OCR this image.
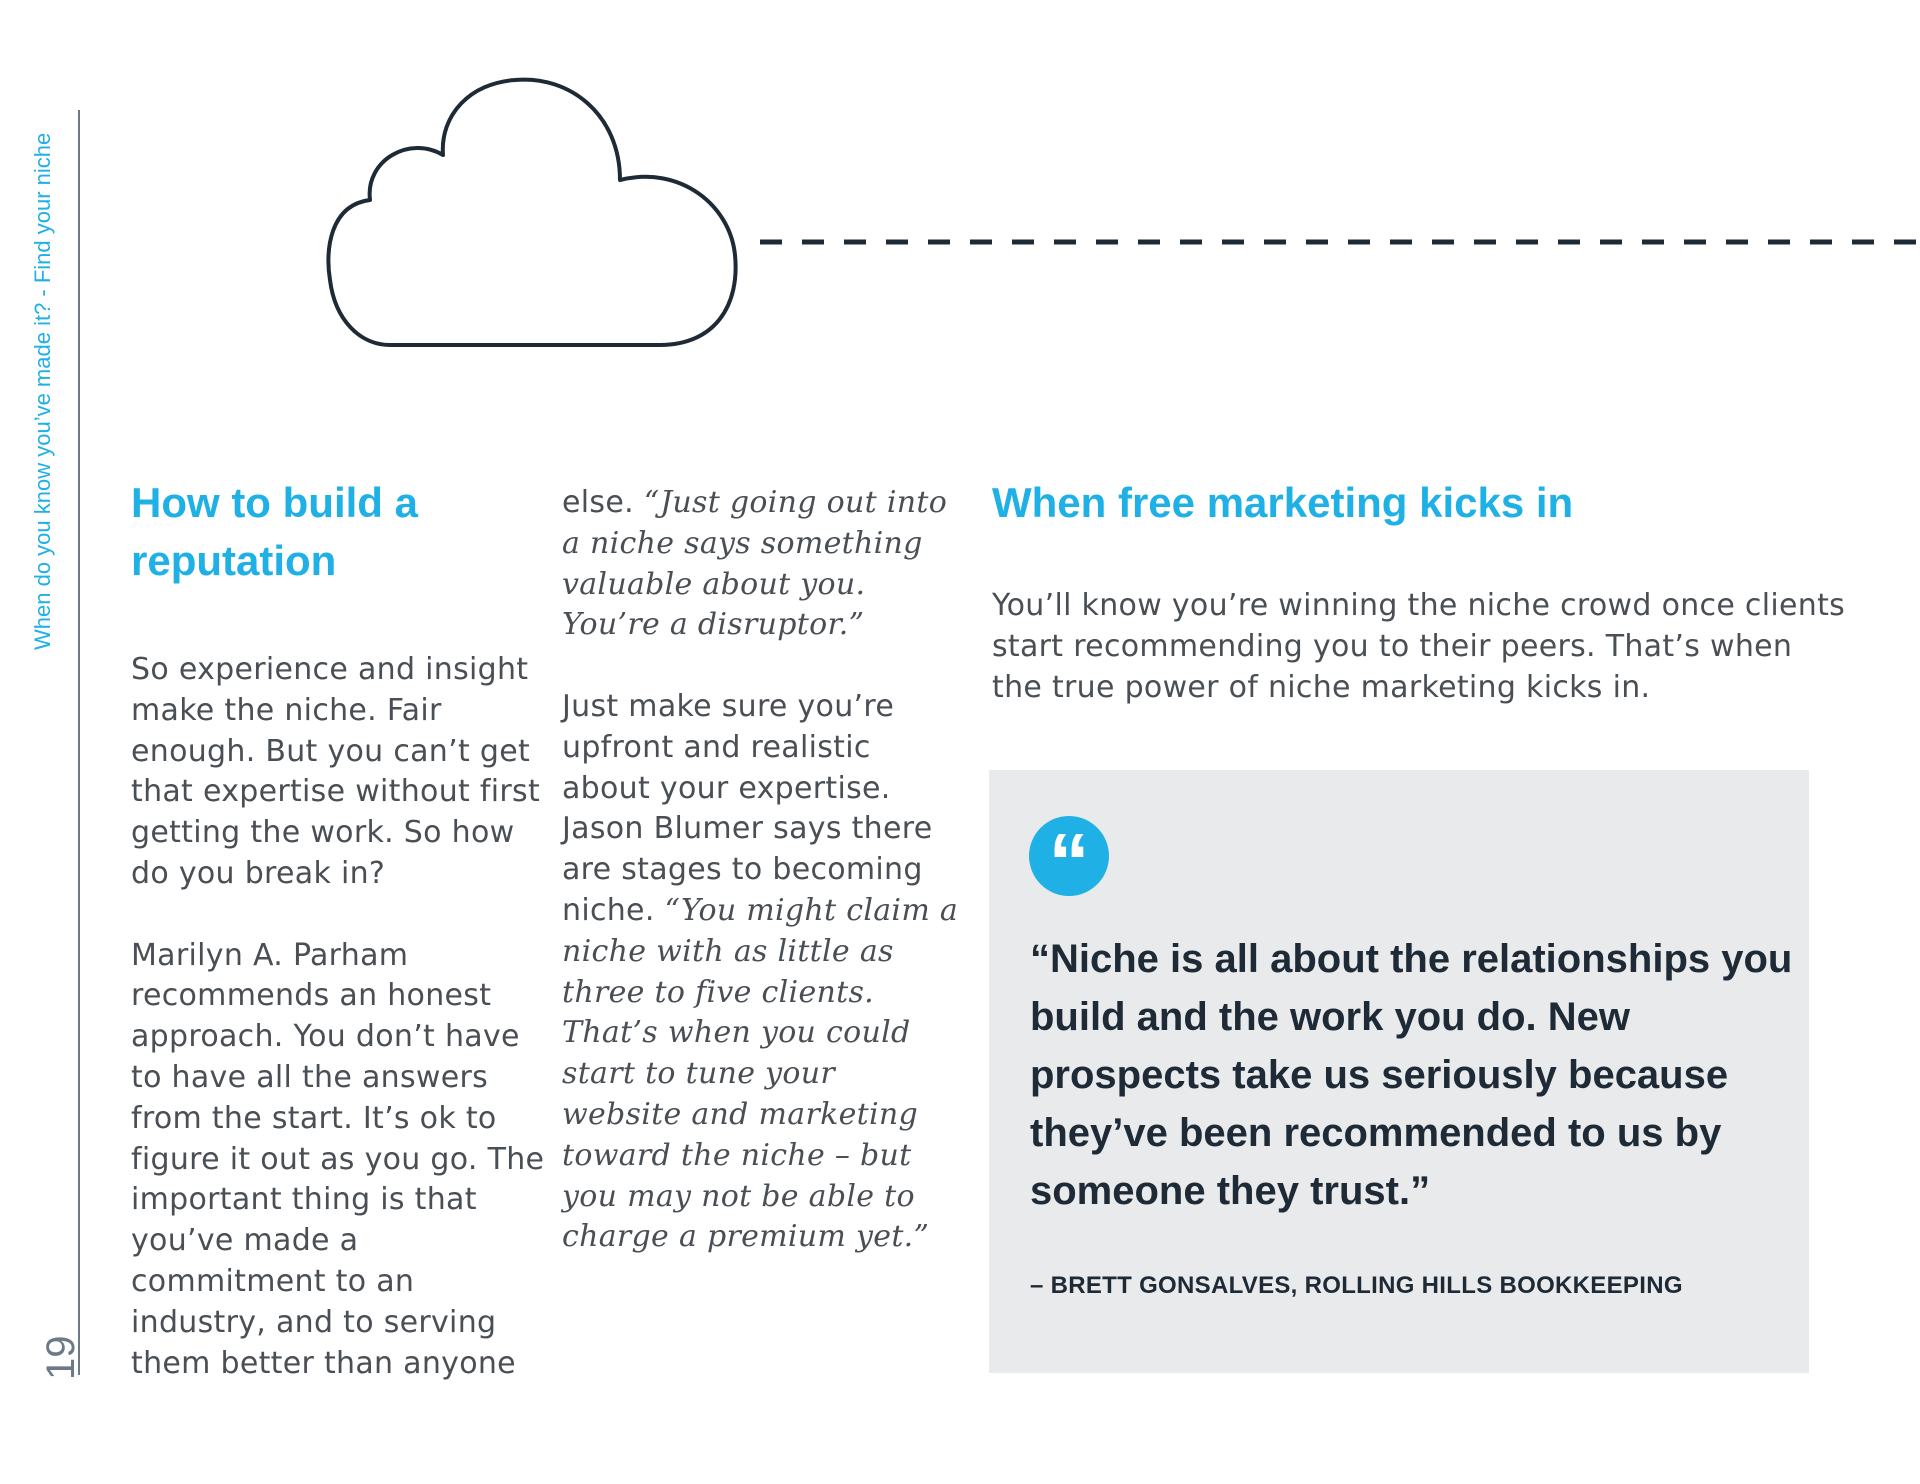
When do you know you’ve made it? - Find your niche
19
How to build a reputation

So experience and insight make the niche. Fair enough. But you can’t get that expertise without first getting the work. So how do you break in?

Marilyn A. Parham recommends an honest approach. You don’t have to have all the answers from the start. It’s ok to figure it out as you go. The important thing is that you’ve made a commitment to an industry, and to serving them better than anyone

else. “Just going out into a niche says something valuable about you. You’re a disruptor.”

Just make sure you’re upfront and realistic about your expertise. Jason Blumer says there are stages to becoming niche. “You might claim a niche with as little as three to five clients. That’s when you could start to tune your website and marketing toward the niche – but you may not be able to charge a premium yet.”

When free marketing kicks in

You’ll know you’re winning the niche crowd once clients start recommending you to their peers. That’s when the true power of niche marketing kicks in.

“

“Niche is all about the relationships you build and the work you do. New prospects take us seriously because they’ve been recommended to us by someone they trust.”

– BRETT GONSALVES, ROLLING HILLS BOOKKEEPING
